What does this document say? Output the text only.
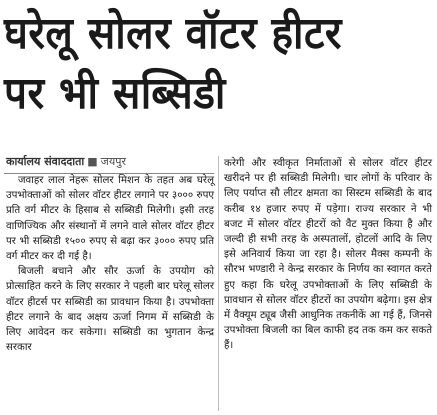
घरेलू सोलर वॉटर हीटर
पर भी सब्सिडी
कार्यालय संवाददाता ■ जयपुर

जवाहर लाल नेहरू सोलर मिशन के तहत अब घरेलू उपभोक्ताओं को सोलर वॉटर हीटर लगाने पर ३००० रुपए प्रति वर्ग मीटर के हिसाब से सब्सिडी मिलेगी। इसी तरह वाणिज्यिक और संस्थानों में लगने वाले सोलर वॉटर हीटर पर भी सब्सिडी १५०० रुपए से बढ़ा कर ३००० रुपए प्रति वर्ग मीटर कर दी गई है।

बिजली बचाने और सौर ऊर्जा के उपयोग को प्रोत्साहित करने के लिए सरकार ने पहली बार घरेलू सोलर वॉटर हीटर्स पर सब्सिडी का प्रावधान किया है। उपभोक्ता हीटर लगाने के बाद अक्षय ऊर्जा निगम में सब्सिडी के लिए आवेदन कर सकेगा। सब्सिडी का भुगतान केन्द्र सरकार

करेगी और स्वीकृत निर्माताओं से सोलर वॉटर हीटर खरीदने पर ही सब्सिडी मिलेगी। चार लोगों के परिवार के लिए पर्याप्त सौ लीटर क्षमता का सिस्टम सब्सिडी के बाद करीब १४ हजार रुपए में पड़ेगा। राज्य सरकार ने भी बजट में सोलर वॉटर हीटरों को वैट मुक्त किया है और जल्दी ही सभी तरह के अस्पतालों, होटलों आदि के लिए इसे अनिवार्य किया जा रहा है। सोलर मैक्स कम्पनी के सौरभ भण्डारी ने केन्द्र सरकार के निर्णय का स्वागत करते हुए कहा कि घरेलू उपभोक्ताओं के लिए सब्सिडी के प्रावधान से सोलर वॉटर हीटरों का उपयोग बढ़ेगा। इस क्षेत्र में वैक्यूम ट्यूब जैसी आधुनिक तकनीकें आ गई हैं, जिनसे उपभोक्ता बिजली का बिल काफी हद तक कम कर सकते हैं।
